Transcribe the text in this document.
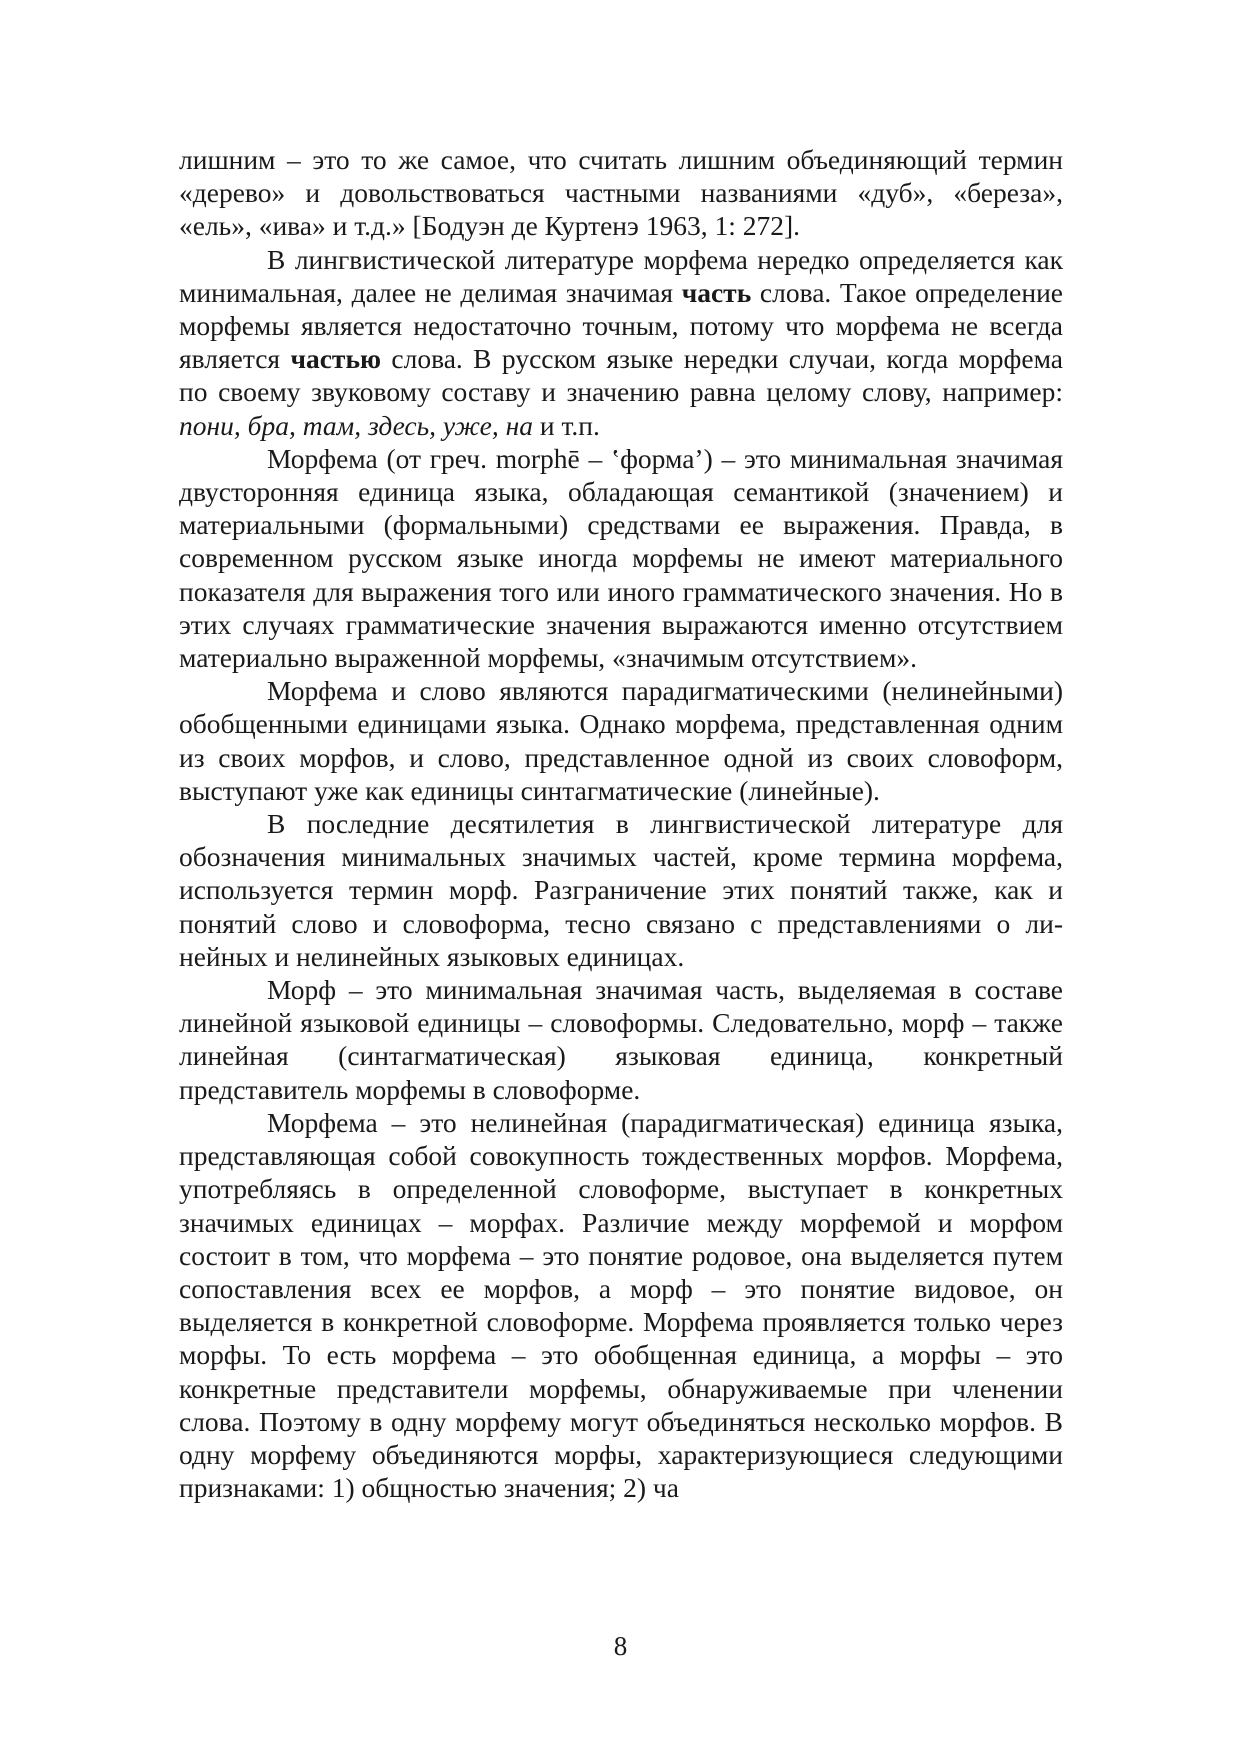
лишним – это то же самое, что считать лишним объединяющий термин «дерево» и довольствоваться частными названиями «дуб», «береза», «ель», «ива» и т.д.» [Бодуэн де Куртенэ 1963, 1: 272].

В лингвистической литературе морфема нередко определяется как минимальная, далее не делимая значимая часть слова. Такое определение морфемы является недостаточно точным, потому что морфема не всегда является частью слова. В русском языке нередки случаи, когда морфема по своему звуковому составу и значению равна целому слову, например: пони, бра, там, здесь, уже, на и т.п.

Морфема (от греч. morphē – ‛форма’) – это минимальная значимая двусторонняя единица языка, обладающая семантикой (значением) и материальными (формальными) средствами ее выражения. Правда, в современном русском языке иногда морфемы не имеют материального показателя для выражения того или иного грамматического значения. Но в этих случаях грамматические значения выражаются именно отсутствием материально выраженной морфемы, «значимым отсутствием».

Морфема и слово являются парадигматическими (нелинейными) обобщенными единицами языка. Однако морфема, представленная одним из своих морфов, и слово, представленное одной из своих словоформ, выступают уже как единицы синтагматические (линейные).

В последние десятилетия в лингвистической литературе для обозначения минимальных значимых частей, кроме термина морфема, используется термин морф. Разграничение этих понятий также, как и понятий слово и словоформа, тесно связано с представлениями о линейных и нелинейных языковых единицах.

Морф – это минимальная значимая часть, выделяемая в составе линейной языковой единицы – словоформы. Следовательно, морф – также линейная (синтагматическая) языковая единица, конкретный представитель морфемы в словоформе.

Морфема – это нелинейная (парадигматическая) единица языка, представляющая собой совокупность тождественных морфов. Морфема, употребляясь в определенной словоформе, выступает в конкретных значимых единицах – морфах. Различие между морфемой и морфом состоит в том, что морфема – это понятие родовое, она выделяется путем сопоставления всех ее морфов, а морф – это понятие видовое, он выделяется в конкретной словоформе. Морфема проявляется только через морфы. То есть морфема – это обобщенная единица, а морфы – это конкретные представители морфемы, обнаруживаемые при членении слова. Поэтому в одну морфему могут объединяться несколько морфов. В одну морфему объединяются морфы, характеризующиеся следующими признаками: 1) общностью значения; 2) ча

8
